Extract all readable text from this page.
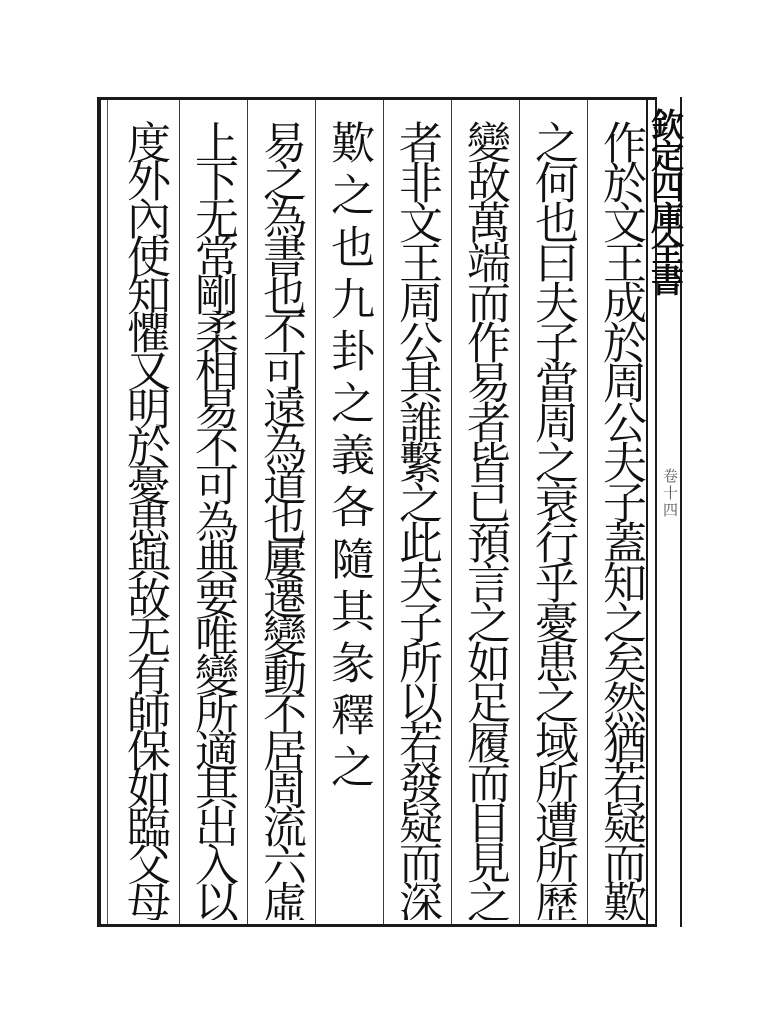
欽定四庫全書
卷十四
作於文王成於周公夫子蓋知之矣然猶若疑而歎
之何也曰夫子當周之衰行乎憂患之域所遭所歷
變故萬端而作易者皆已預言之如足履而目見之
者非文王周公其誰繫之此夫子所以若發疑而深
歎之也九卦之義各隨其彖釋之
易之為書也不可遠為道也屢遷變動不居周流六虛
上下无常剛柔相易不可為典要唯變所適其出入以
度外內使知懼又明於憂患與故无有師保如臨父母
